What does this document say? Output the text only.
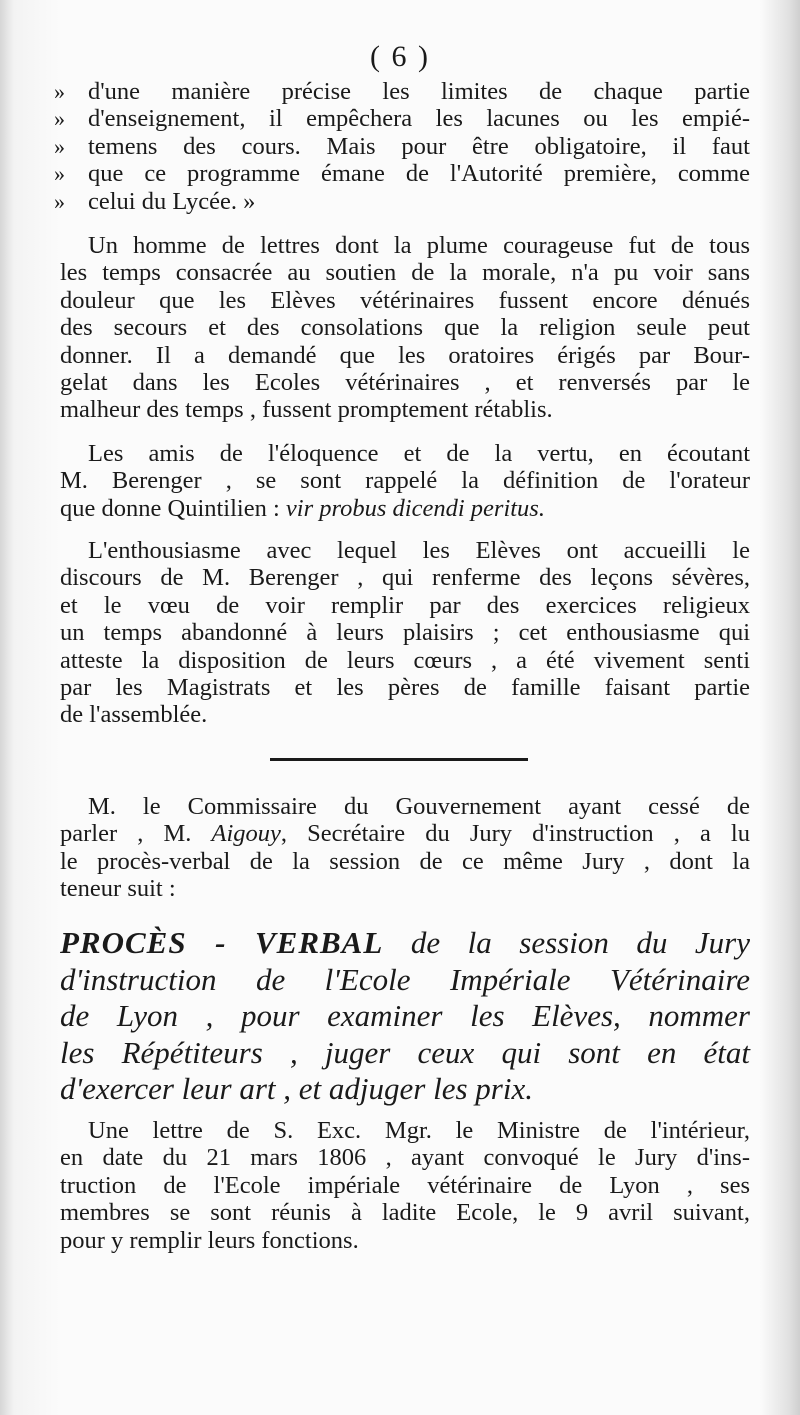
( 6 )
» d'une manière précise les limites de chaque partie
» d'enseignement, il empêchera les lacunes ou les empié-
» temens des cours. Mais pour être obligatoire, il faut
» que ce programme émane de l'Autorité première, comme
» celui du Lycée. »
Un homme de lettres dont la plume courageuse fut de tous
les temps consacrée au soutien de la morale, n'a pu voir sans
douleur que les Elèves vétérinaires fussent encore dénués
des secours et des consolations que la religion seule peut
donner. Il a demandé que les oratoires érigés par Bour-
gelat dans les Ecoles vétérinaires , et renversés par le
malheur des temps , fussent promptement rétablis.
Les amis de l'éloquence et de la vertu, en écoutant
M. Berenger , se sont rappelé la définition de l'orateur
que donne Quintilien : vir probus dicendi peritus.
L'enthousiasme avec lequel les Elèves ont accueilli le
discours de M. Berenger , qui renferme des leçons sévères,
et le vœu de voir remplir par des exercices religieux
un temps abandonné à leurs plaisirs ; cet enthousiasme qui
atteste la disposition de leurs cœurs , a été vivement senti
par les Magistrats et les pères de famille faisant partie
de l'assemblée.
M. le Commissaire du Gouvernement ayant cessé de
parler , M. Aigouy, Secrétaire du Jury d'instruction , a lu
le procès-verbal de la session de ce même Jury , dont la
teneur suit :
PROCÈS - VERBAL de la session du Jury
d'instruction de l'Ecole Impériale Vétérinaire
de Lyon , pour examiner les Elèves, nommer
les Répétiteurs , juger ceux qui sont en état
d'exercer leur art , et adjuger les prix.
Une lettre de S. Exc. Mgr. le Ministre de l'intérieur,
en date du 21 mars 1806 , ayant convoqué le Jury d'ins-
truction de l'Ecole impériale vétérinaire de Lyon , ses
membres se sont réunis à ladite Ecole, le 9 avril suivant,
pour y remplir leurs fonctions.
